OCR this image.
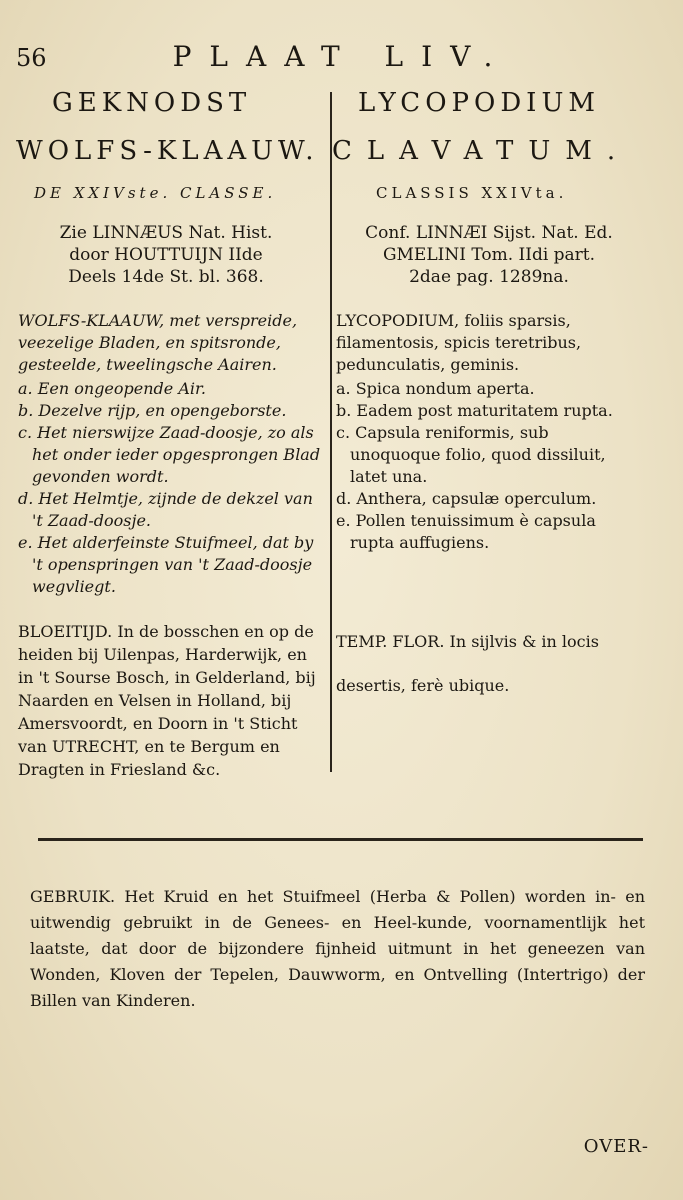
56	PLAAT LIV.
GEKNODST
WOLFS-KLAAUW.
DE XXIVste. CLASSE.
Zie LINNÆUS Nat. Hist.
door HOUTTUIJN IIde
Deels 14de St. bl. 368.
WOLFS-KLAAUW, met verspreide, veezelige Bladen, en spitsronde, gesteelde, tweelingsche Aairen.

a. Een ongeopende Air.

b. Dezelve rijp, en opengeborste.

c. Het nierswijze Zaad-doosje, zo als het onder ieder opgesprongen Blad gevonden wordt.

d. Het Helmtje, zijnde de dekzel van 't Zaad-doosje.

e. Het alderfeinste Stuifmeel, dat by 't openspringen van 't Zaad-doosje wegvliegt.

BLOEITIJD. In de bosschen en op de heiden bij Uilenpas, Harderwijk, en in 't Sourse Bosch, in Gelderland, bij Naarden en Velsen in Holland, bij Amersvoordt, en Doorn in 't Sticht van UTRECHT, en te Bergum en Dragten in Friesland &c.
LYCOPODIUM
CLAVATUM.
CLASSIS XXIVta.
Conf. LINNÆI Sijst. Nat. Ed.
GMELINI Tom. IIdi part.
2dae pag. 1289na.
LYCOPODIUM, foliis sparsis, filamentosis, spicis teretribus, pedunculatis, geminis.

a. Spica nondum aperta.

b. Eadem post maturitatem rupta.

c. Capsula reniformis, sub unoquoque folio, quod dissiluit, latet una.

d. Anthera, capsulæ operculum.

e. Pollen tenuissimum è capsula rupta auffugiens.

TEMP. FLOR. In sijlvis & in locis desertis, ferè ubique.
GEBRUIK. Het Kruid en het Stuifmeel (Herba & Pollen) worden in- en uitwendig gebruikt in de Genees- en Heel-kunde, voornamentlijk het laatste, dat door de bijzondere fijnheid uitmunt in het geneezen van Wonden, Kloven der Tepelen, Dauwworm, en Ontvelling (Intertrigo) der Billen van Kinderen.
OVER-
